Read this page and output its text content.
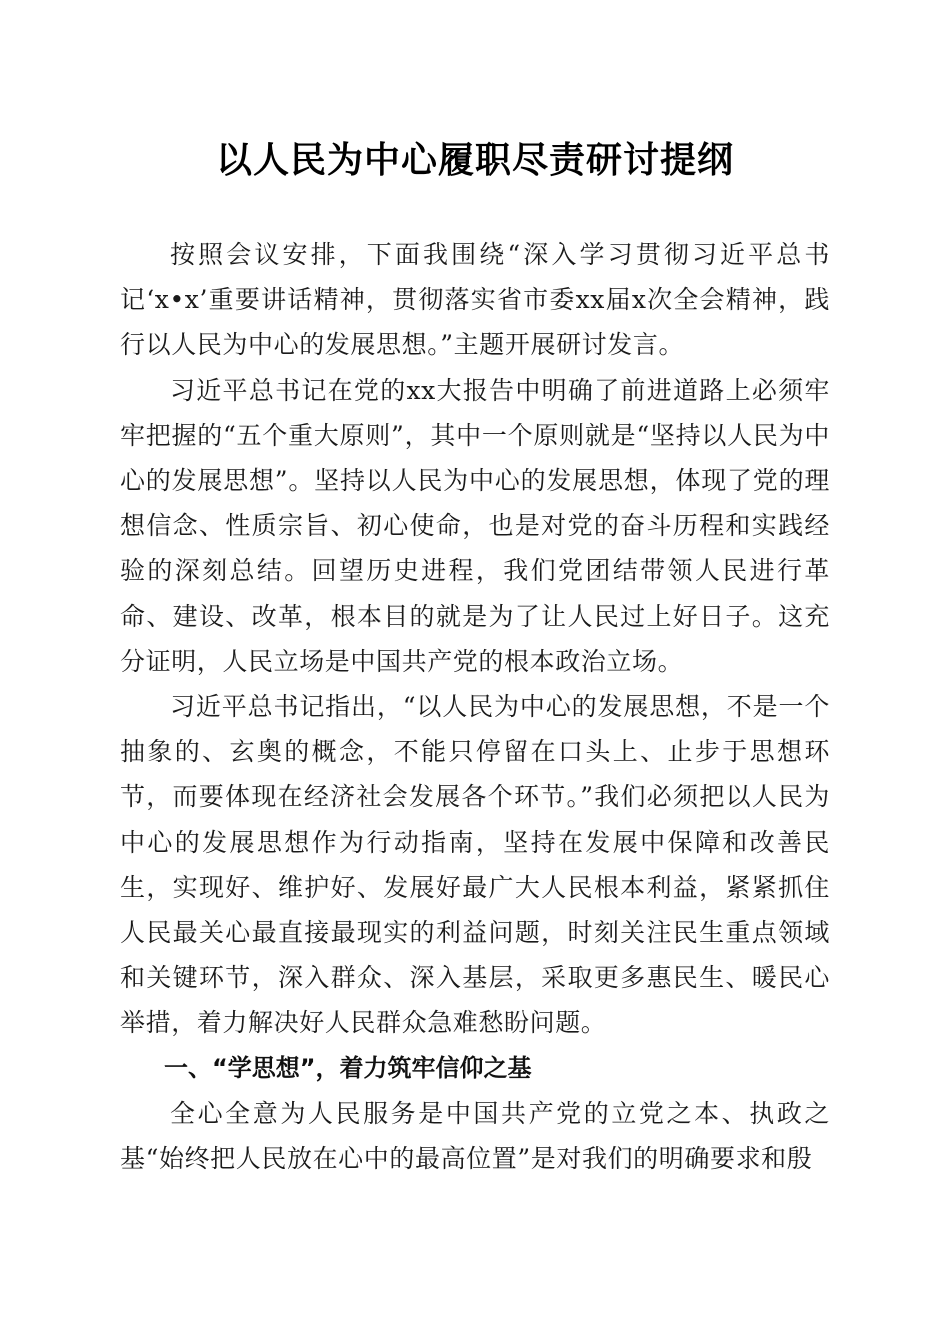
以人民为中心履职尽责研讨提纲

按照会议安排，下面我围绕“深入学习贯彻习近平总书记‘x•x’重要讲话精神，贯彻落实省市委xx届x次全会精神，践行以人民为中心的发展思想。”主题开展研讨发言。

习近平总书记在党的xx大报告中明确了前进道路上必须牢牢把握的“五个重大原则”，其中一个原则就是“坚持以人民为中心的发展思想”。坚持以人民为中心的发展思想，体现了党的理想信念、性质宗旨、初心使命，也是对党的奋斗历程和实践经验的深刻总结。回望历史进程，我们党团结带领人民进行革命、建设、改革，根本目的就是为了让人民过上好日子。这充分证明，人民立场是中国共产党的根本政治立场。

习近平总书记指出，“以人民为中心的发展思想，不是一个抽象的、玄奥的概念，不能只停留在口头上、止步于思想环节，而要体现在经济社会发展各个环节。”我们必须把以人民为中心的发展思想作为行动指南，坚持在发展中保障和改善民生，实现好、维护好、发展好最广大人民根本利益，紧紧抓住人民最关心最直接最现实的利益问题，时刻关注民生重点领域和关键环节，深入群众、深入基层，采取更多惠民生、暖民心举措，着力解决好人民群众急难愁盼问题。

一、“学思想”，着力筑牢信仰之基

全心全意为人民服务是中国共产党的立党之本、执政之基“始终把人民放在心中的最高位置”是对我们的明确要求和殷
